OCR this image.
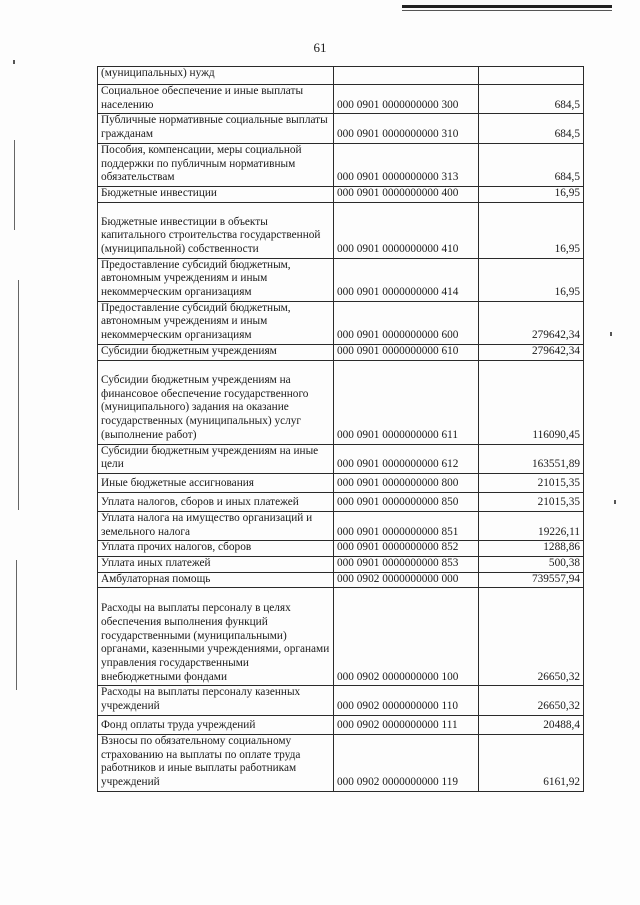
61
(муниципальных) нужд		
Социальное обеспечение и иные выплаты населению	000 0901 0000000000 300	684,5
Публичные нормативные социальные выплаты гражданам	000 0901 0000000000 310	684,5
Пособия, компенсации, меры социальной поддержки по публичным нормативным обязательствам	000 0901 0000000000 313	684,5
Бюджетные инвестиции	000 0901 0000000000 400	16,95
Бюджетные инвестиции в объекты капитального строительства государственной (муниципальной) собственности	000 0901 0000000000 410	16,95
Предоставление субсидий бюджетным, автономным учреждениям и иным некоммерческим организациям	000 0901 0000000000 414	16,95
Предоставление субсидий бюджетным, автономным учреждениям и иным некоммерческим организациям	000 0901 0000000000 600	279642,34
Субсидии бюджетным учреждениям	000 0901 0000000000 610	279642,34
Субсидии бюджетным учреждениям на финансовое обеспечение государственного (муниципального) задания на оказание государственных (муниципальных) услуг (выполнение работ)	000 0901 0000000000 611	116090,45
Субсидии бюджетным учреждениям на иные цели	000 0901 0000000000 612	163551,89
Иные бюджетные ассигнования	000 0901 0000000000 800	21015,35
Уплата налогов, сборов и иных платежей	000 0901 0000000000 850	21015,35
Уплата налога на имущество организаций и земельного налога	000 0901 0000000000 851	19226,11
Уплата прочих налогов, сборов	000 0901 0000000000 852	1288,86
Уплата иных платежей	000 0901 0000000000 853	500,38
Амбулаторная помощь	000 0902 0000000000 000	739557,94
Расходы на выплаты персоналу в целях обеспечения выполнения функций государственными (муниципальными) органами, казенными учреждениями, органами управления государственными внебюджетными фондами	000 0902 0000000000 100	26650,32
Расходы на выплаты персоналу казенных учреждений	000 0902 0000000000 110	26650,32
Фонд оплаты труда учреждений	000 0902 0000000000 111	20488,4
Взносы по обязательному социальному страхованию на выплаты по оплате труда работников и иные выплаты работникам учреждений	000 0902 0000000000 119	6161,92
